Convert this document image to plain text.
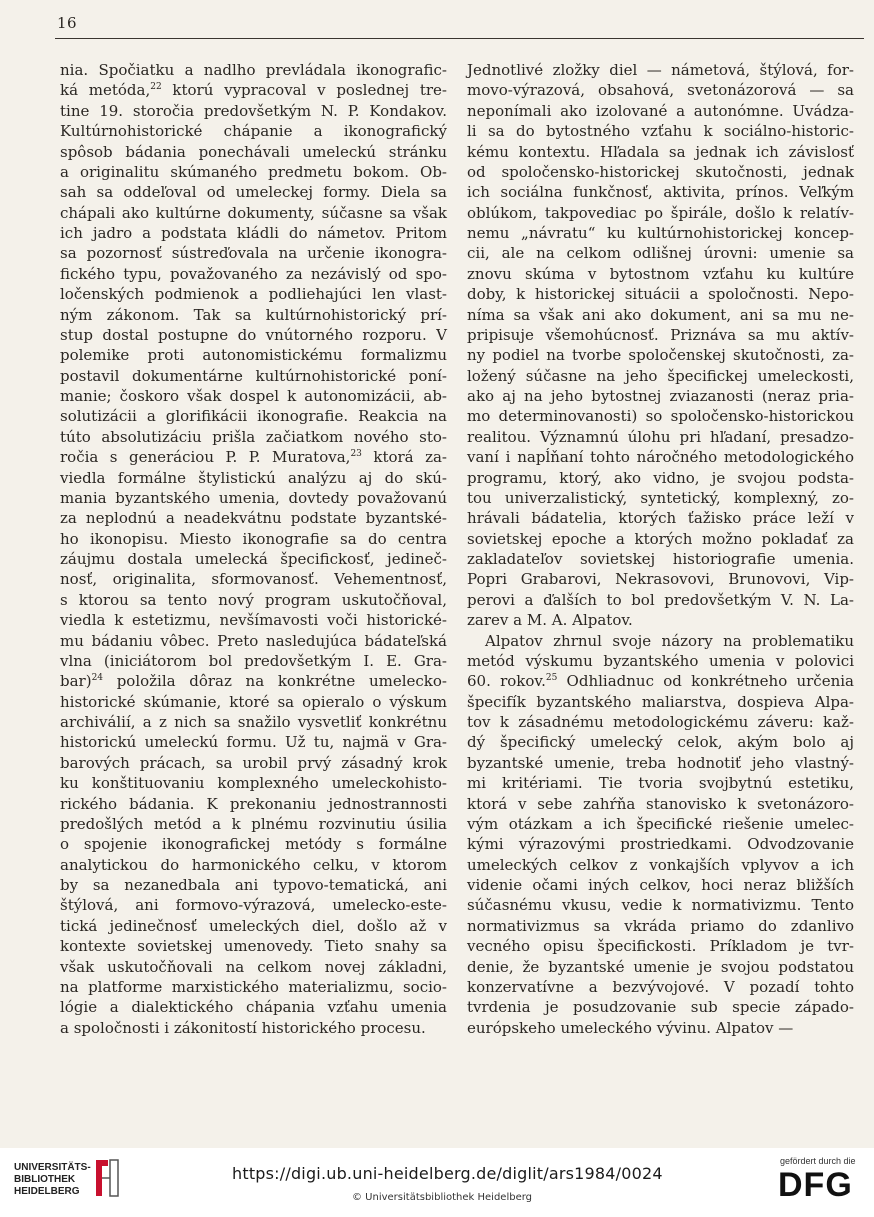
16
nia. Spočiatku a nadlho prevládala ikonografic-
ká metóda,$^{22}$ ktorú vypracoval v poslednej tre-
tine 19. storočia predovšetkým N. P. Kondakov.
Kultúrnohistorické chápanie a ikonografický
spôsob bádania ponechávali umeleckú stránku
a originalitu skúmaného predmetu bokom. Ob-
sah sa oddeľoval od umeleckej formy. Diela sa
chápali ako kultúrne dokumenty, súčasne sa však
ich jadro a podstata kládli do námetov. Pritom
sa pozornosť sústreďovala na určenie ikonogra-
fického typu, považovaného za nezávislý od spo-
ločenských podmienok a podliehajúci len vlast-
ným zákonom. Tak sa kultúrnohistorický prí-
stup dostal postupne do vnútorného rozporu. V
polemike proti autonomistickému formalizmu
postavil dokumentárne kultúrnohistorické poní-
manie; čoskoro však dospel k autonomizácii, ab-
solutizácii a glorifikácii ikonografie. Reakcia na
túto absolutizáciu prišla začiatkom nového sto-
ročia s generáciou P. P. Muratova,$^{23}$ ktorá za-
viedla formálne štylistickú analýzu aj do skú-
mania byzantského umenia, dovtedy považovanú
za neplodnú a neadekvátnu podstate byzantské-
ho ikonopisu. Miesto ikonografie sa do centra
záujmu dostala umelecká špecifickosť, jedineč-
nosť, originalita, sformovanosť. Vehementnosť,
s ktorou sa tento nový program uskutočňoval,
viedla k estetizmu, nevšímavosti voči historické-
mu bádaniu vôbec. Preto nasledujúca bádateľská
vlna (iniciátorom bol predovšetkým I. E. Gra-
bar)$^{24}$ položila dôraz na konkrétne umelecko-
historické skúmanie, ktoré sa opieralo o výskum
archiválií, a z nich sa snažilo vysvetliť konkrétnu
historickú umeleckú formu. Už tu, najmä v Gra-
barových prácach, sa urobil prvý zásadný krok
ku konštituovaniu komplexného umeleckohisto-
rického bádania. K prekonaniu jednostrannosti
predošlých metód a k plnému rozvinutiu úsilia
o spojenie ikonografickej metódy s formálne
analytickou do harmonického celku, v ktorom
by sa nezanedbala ani typovo-tematická, ani
štýlová, ani formovo-výrazová, umelecko-este-
tická jedinečnosť umeleckých diel, došlo až v
kontexte sovietskej umenovedy. Tieto snahy sa
však uskutočňovali na celkom novej základni,
na platforme marxistického materializmu, socio-
lógie a dialektického chápania vzťahu umenia
a spoločnosti i zákonitostí historického procesu.
Jednotlivé zložky diel — námetová, štýlová, for-
movo-výrazová, obsahová, svetonázorová — sa
neponímali ako izolované a autonómne. Uvádza-
li sa do bytostného vzťahu k sociálno-historic-
kému kontextu. Hľadala sa jednak ich závislosť
od spoločensko-historickej skutočnosti, jednak
ich sociálna funkčnosť, aktivita, prínos. Veľkým
oblúkom, takpovediac po špirále, došlo k relatív-
nemu „návratu“ ku kultúrnohistorickej koncep-
cii, ale na celkom odlišnej úrovni: umenie sa
znovu skúma v bytostnom vzťahu ku kultúre
doby, k historickej situácii a spoločnosti. Nepo-
níma sa však ani ako dokument, ani sa mu ne-
pripisuje všemohúcnosť. Priznáva sa mu aktív-
ny podiel na tvorbe spoločenskej skutočnosti, za-
ložený súčasne na jeho špecifickej umeleckosti,
ako aj na jeho bytostnej zviazanosti (neraz pria-
mo determinovanosti) so spoločensko-historickou
realitou. Významnú úlohu pri hľadaní, presadzo-
vaní i napĺňaní tohto náročného metodologického
programu, ktorý, ako vidno, je svojou podsta-
tou univerzalistický, syntetický, komplexný, zo-
hrávali bádatelia, ktorých ťažisko práce leží v
sovietskej epoche a ktorých možno pokladať za
zakladateľov sovietskej historiografie umenia.
Popri Grabarovi, Nekrasovovi, Brunovovi, Vip-
perovi a ďalších to bol predovšetkým V. N. La-
zarev a M. A. Alpatov.
Alpatov zhrnul svoje názory na problematiku
metód výskumu byzantského umenia v polovici
60. rokov.$^{25}$ Odhliadnuc od konkrétneho určenia
špecifík byzantského maliarstva, dospieva Alpa-
tov k zásadnému metodologickému záveru: kaž-
dý špecifický umelecký celok, akým bolo aj
byzantské umenie, treba hodnotiť jeho vlastný-
mi kritériami. Tie tvoria svojbytnú estetiku,
ktorá v sebe zahŕňa stanovisko k svetonázoro-
vým otázkam a ich špecifické riešenie umelec-
kými výrazovými prostriedkami. Odvodzovanie
umeleckých celkov z vonkajších vplyvov a ich
videnie očami iných celkov, hoci neraz bližších
súčasnému vkusu, vedie k normativizmu. Tento
normativizmus sa vkráda priamo do zdanlivo
vecného opisu špecifickosti. Príkladom je tvr-
denie, že byzantské umenie je svojou podstatou
konzervatívne a bezvývojové. V pozadí tohto
tvrdenia je posudzovanie sub specie západo-
európskeho umeleckého vývinu. Alpatov —
UNIVERSITÄTS-
BIBLIOTHEK
HEIDELBERG
https://digi.ub.uni-heidelberg.de/diglit/ars1984/0024
© Universitätsbibliothek Heidelberg
gefördert durch die
DFG
